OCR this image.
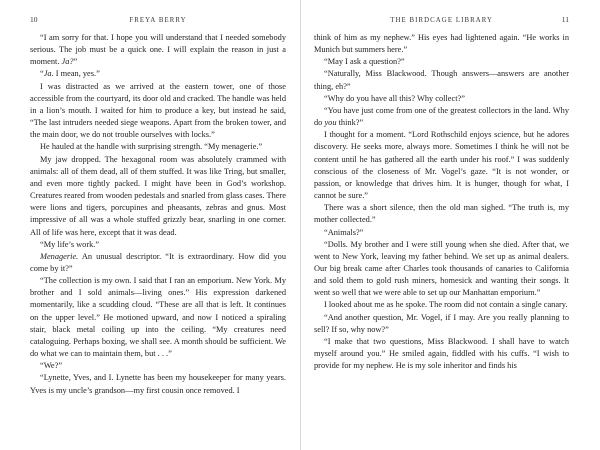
10	FREYA BERRY

“I am sorry for that. I hope you will understand that I needed somebody serious. The job must be a quick one. I will explain the reason in just a moment. Ja?”

“Ja. I mean, yes.”

I was distracted as we arrived at the eastern tower, one of those accessible from the courtyard, its door old and cracked. The handle was held in a lion’s mouth. I waited for him to produce a key, but instead he said, “The last intruders needed siege weapons. Apart from the broken tower, and the main door, we do not trouble ourselves with locks.”

He hauled at the handle with surprising strength. “My menagerie.”

My jaw dropped. The hexagonal room was absolutely crammed with animals: all of them dead, all of them stuffed. It was like Tring, but smaller, and even more tightly packed. I might have been in God’s workshop. Creatures reared from wooden pedestals and snarled from glass cases. There were lions and tigers, porcupines and pheasants, zebras and gnus. Most impressive of all was a whole stuffed grizzly bear, snarling in one corner. All of life was here, except that it was dead.

“My life’s work.”

Menagerie. An unusual descriptor. “It is extraordinary. How did you come by it?”

“The collection is my own. I said that I ran an emporium. New York. My brother and I sold animals—living ones.” His expression darkened momentarily, like a scudding cloud. “These are all that is left. It continues on the upper level.” He motioned upward, and now I noticed a spiraling stair, black metal coiling up into the ceiling. “My creatures need cataloguing. Perhaps boxing, we shall see. A month should be sufficient. We do what we can to maintain them, but . . .”

“We?”

“Lynette, Yves, and I. Lynette has been my housekeeper for many years. Yves is my uncle’s grandson—my first cousin once removed. I

THE BIRDCAGE LIBRARY	11

think of him as my nephew.” His eyes had lightened again. “He works in Munich but summers here.”

“May I ask a question?”

“Naturally, Miss Blackwood. Though answers—answers are another thing, eh?”

“Why do you have all this? Why collect?”

“You have just come from one of the greatest collectors in the land. Why do you think?”

I thought for a moment. “Lord Rothschild enjoys science, but he adores discovery. He seeks more, always more. Sometimes I think he will not be content until he has gathered all the earth under his roof.” I was suddenly conscious of the closeness of Mr. Vogel’s gaze. “It is not wonder, or passion, or knowledge that drives him. It is hunger, though for what, I cannot be sure.”

There was a short silence, then the old man sighed. “The truth is, my mother collected.”

“Animals?”

“Dolls. My brother and I were still young when she died. After that, we went to New York, leaving my father behind. We set up as animal dealers. Our big break came after Charles took thousands of canaries to California and sold them to gold rush miners, homesick and wanting their songs. It went so well that we were able to set up our Manhattan emporium.”

I looked about me as he spoke. The room did not contain a single canary.

“And another question, Mr. Vogel, if I may. Are you really planning to sell? If so, why now?”

“I make that two questions, Miss Blackwood. I shall have to watch myself around you.” He smiled again, fiddled with his cuffs. “I wish to provide for my nephew. He is my sole inheritor and finds his
